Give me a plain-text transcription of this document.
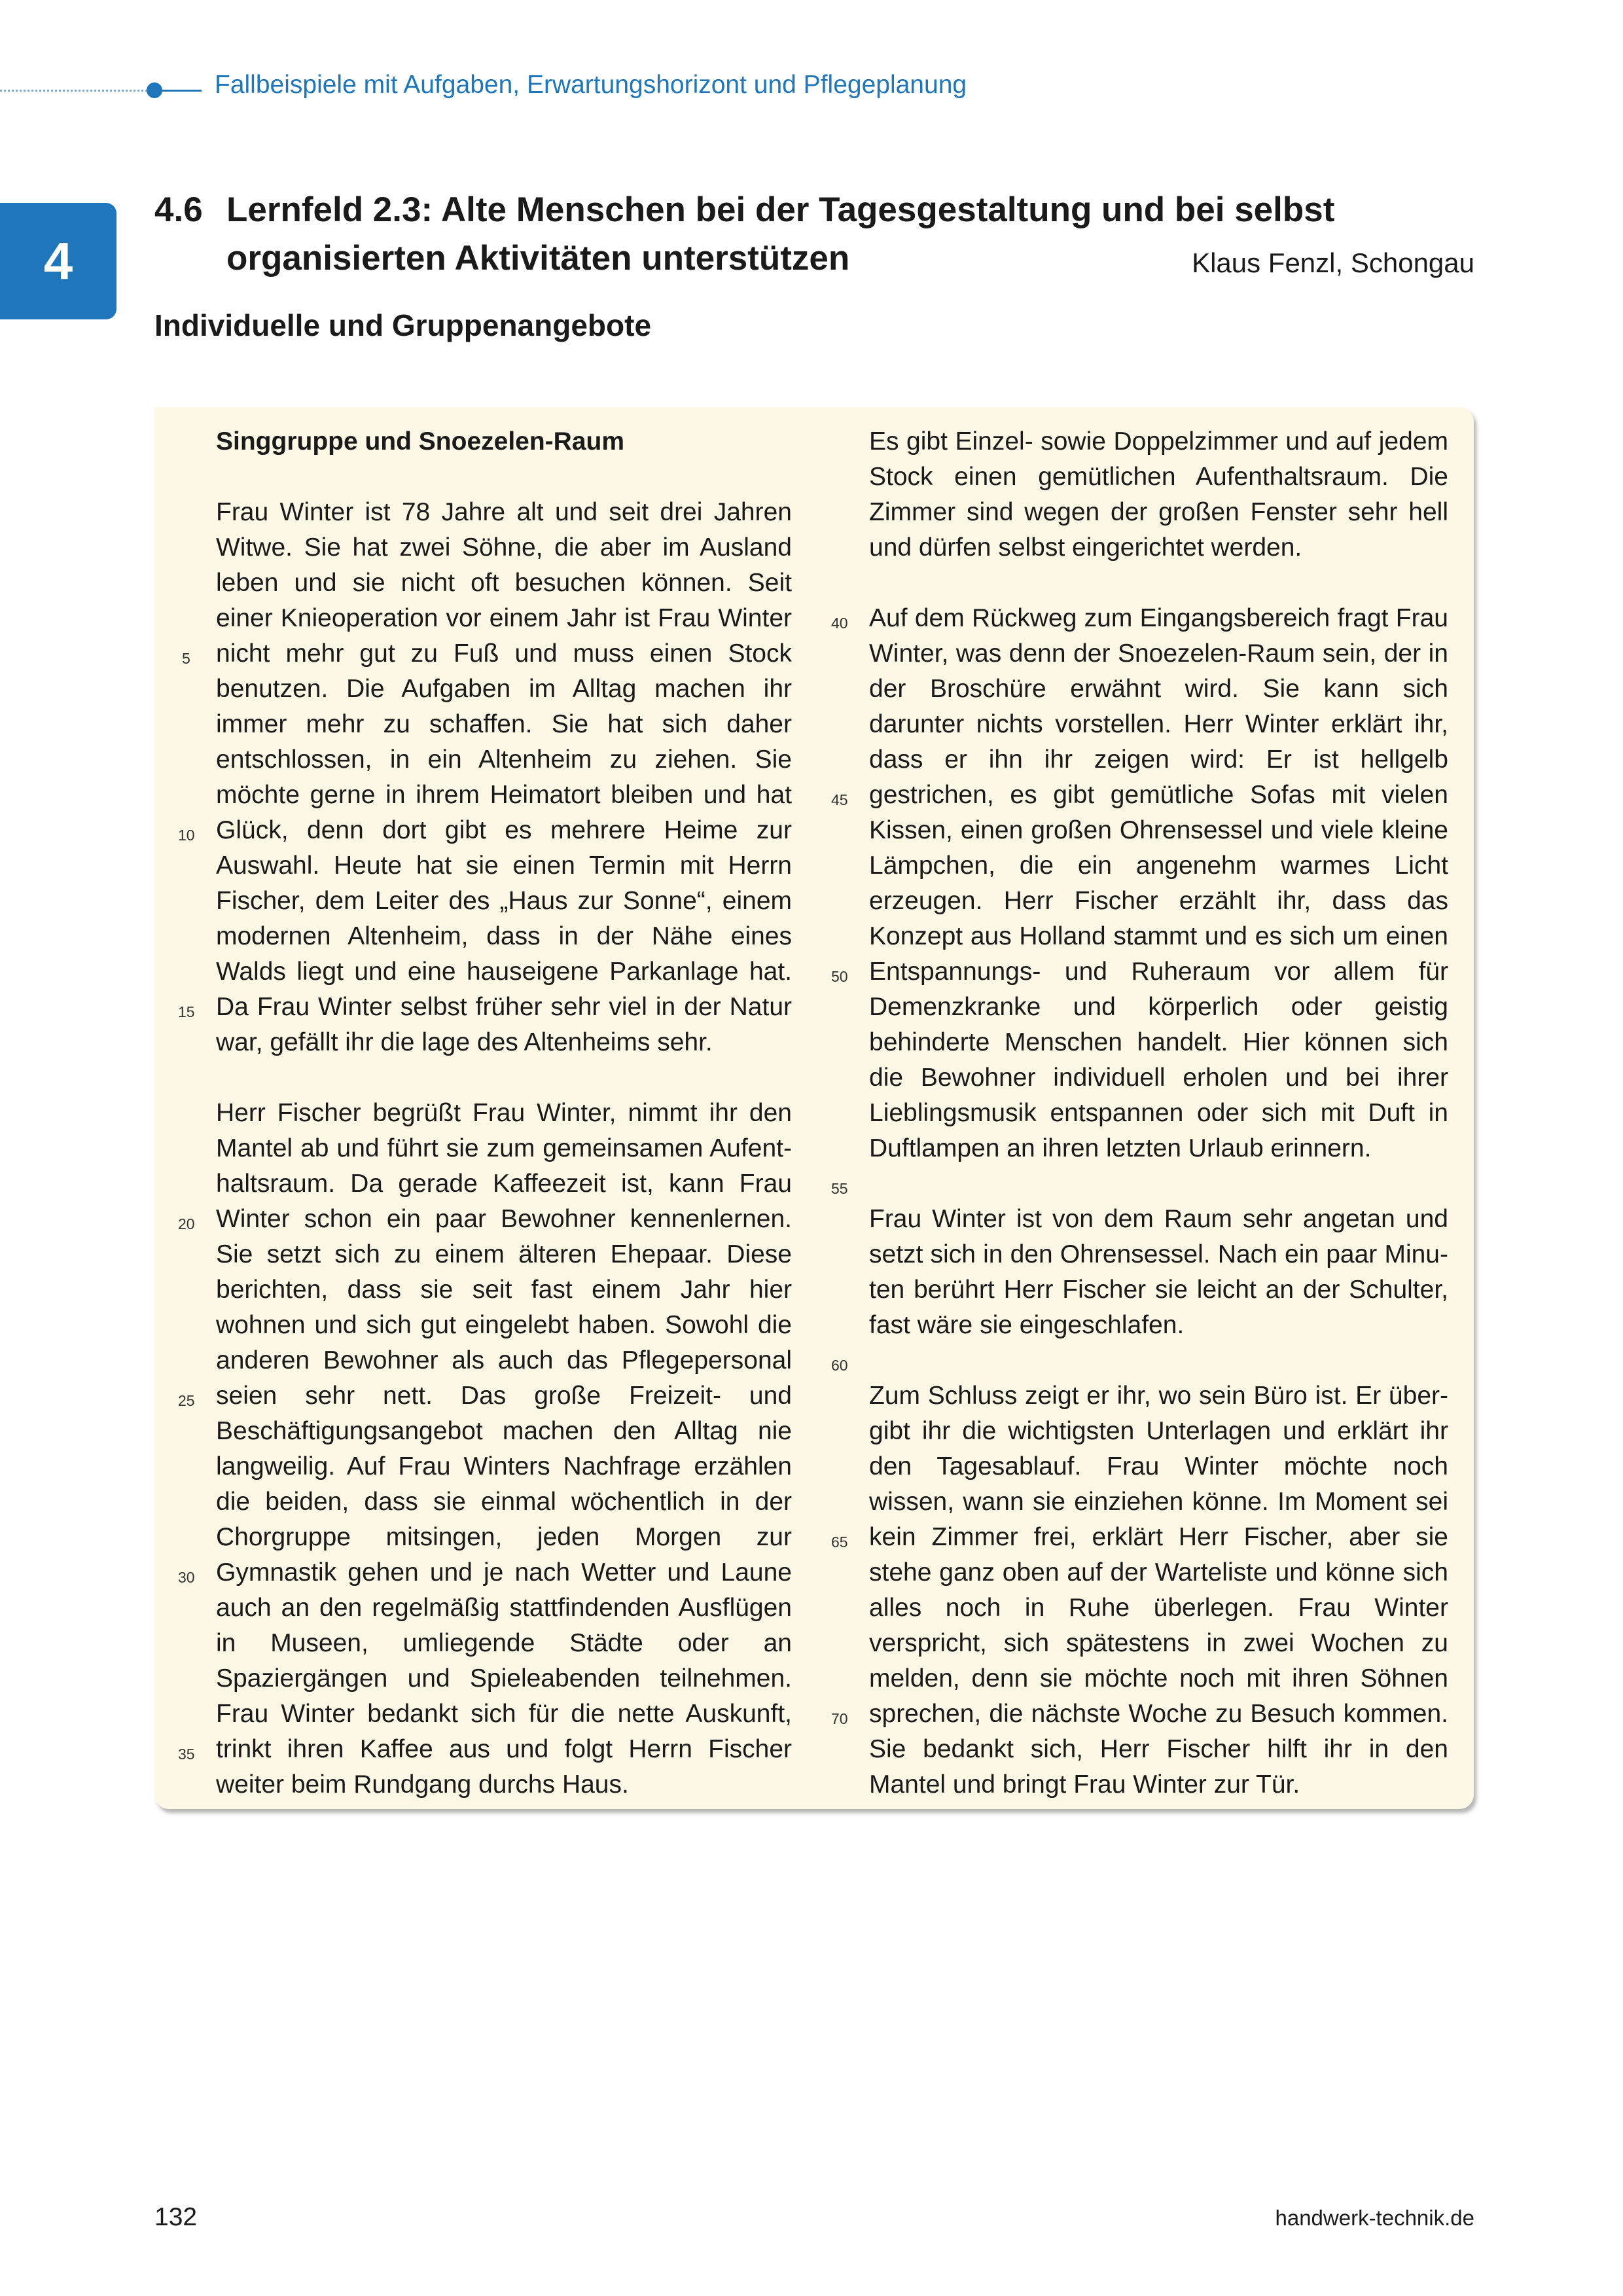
Fallbeispiele mit Aufgaben, Erwartungshorizont und Pflegeplanung
4
4.6 Lernfeld 2.3: Alte Menschen bei der Tagesgestaltung und bei selbst
organisierten Aktivitäten unterstützen	Klaus Fenzl, Schongau
Individuelle und Gruppenangebote

Singgruppe und Snoezelen-Raum

Frau Winter ist 78 Jahre alt und seit drei Jahren Witwe. Sie hat zwei Söhne, die aber im Ausland leben und sie nicht oft besuchen können. Seit einer Knieoperation vor einem Jahr ist Frau Winter nicht mehr gut zu Fuß und muss einen Stock benutzen. Die Aufgaben im Alltag machen ihr immer mehr zu schaffen. Sie hat sich daher entschlossen, in ein Altenheim zu ziehen. Sie möchte gerne in ihrem Heimatort bleiben und hat Glück, denn dort gibt es mehrere Heime zur Auswahl. Heute hat sie einen Termin mit Herrn Fischer, dem Leiter des „Haus zur Sonne“, einem modernen Altenheim, dass in der Nähe eines Walds liegt und eine hauseigene Parkanlage hat. Da Frau Winter selbst früher sehr viel in der Natur war, gefällt ihr die lage des Altenheims sehr.

Herr Fischer begrüßt Frau Winter, nimmt ihr den Mantel ab und führt sie zum gemeinsamen Aufenthaltsraum. Da gerade Kaffeezeit ist, kann Frau Winter schon ein paar Bewohner kennenlernen. Sie setzt sich zu einem älteren Ehepaar. Diese berichten, dass sie seit fast einem Jahr hier wohnen und sich gut eingelebt haben. Sowohl die anderen Bewohner als auch das Pflegepersonal seien sehr nett. Das große Freizeit- und Beschäftigungsangebot machen den Alltag nie langweilig. Auf Frau Winters Nachfrage erzählen die beiden, dass sie einmal wöchentlich in der Chorgruppe mitsingen, jeden Morgen zur Gymnastik gehen und je nach Wetter und Laune auch an den regelmäßig stattfindenden Ausflügen in Museen, umliegende Städte oder an Spaziergängen und Spieleabenden teilnehmen. Frau Winter bedankt sich für die nette Auskunft, trinkt ihren Kaffee aus und folgt Herrn Fischer weiter beim Rundgang durchs Haus.

Es gibt Einzel- sowie Doppelzimmer und auf jedem Stock einen gemütlichen Aufenthaltsraum. Die Zimmer sind wegen der großen Fenster sehr hell und dürfen selbst eingerichtet werden.

Auf dem Rückweg zum Eingangsbereich fragt Frau Winter, was denn der Snoezelen-Raum sein, der in der Broschüre erwähnt wird. Sie kann sich darunter nichts vorstellen. Herr Winter erklärt ihr, dass er ihn ihr zeigen wird: Er ist hellgelb gestrichen, es gibt gemütliche Sofas mit vielen Kissen, einen großen Ohrensessel und viele kleine Lämpchen, die ein angenehm warmes Licht erzeugen. Herr Fischer erzählt ihr, dass das Konzept aus Holland stammt und es sich um einen Entspannungs- und Ruheraum vor allem für Demenzkranke und körperlich oder geistig behinderte Menschen handelt. Hier können sich die Bewohner individuell erholen und bei ihrer Lieblingsmusik entspannen oder sich mit Duft in Duftlampen an ihren letzten Urlaub erinnern.

Frau Winter ist von dem Raum sehr angetan und setzt sich in den Ohrensessel. Nach ein paar Minuten berührt Herr Fischer sie leicht an der Schulter, fast wäre sie eingeschlafen.

Zum Schluss zeigt er ihr, wo sein Büro ist. Er übergibt ihr die wichtigsten Unterlagen und erklärt ihr den Tagesablauf. Frau Winter möchte noch wissen, wann sie einziehen könne. Im Moment sei kein Zimmer frei, erklärt Herr Fischer, aber sie stehe ganz oben auf der Warteliste und könne sich alles noch in Ruhe überlegen. Frau Winter verspricht, sich spätestens in zwei Wochen zu melden, denn sie möchte noch mit ihren Söhnen sprechen, die nächste Woche zu Besuch kommen. Sie bedankt sich, Herr Fischer hilft ihr in den Mantel und bringt Frau Winter zur Tür.

5
10
15
20
25
30
35
40
45
50
55
60
65
70
132	handwerk-technik.de
